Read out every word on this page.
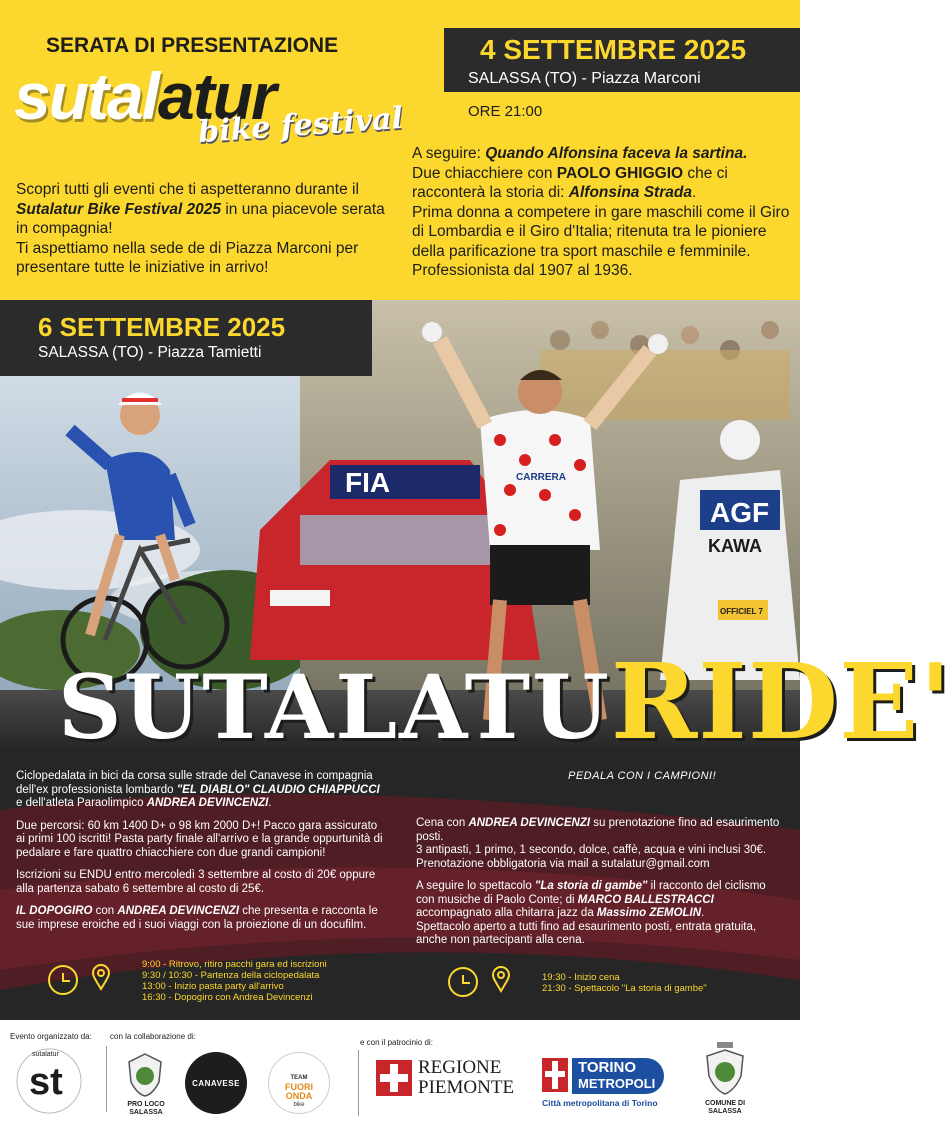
SERATA DI PRESENTAZIONE
sutalatur
bike festival
4 SETTEMBRE 2025
SALASSA (TO) - Piazza Marconi
ORE 21:00
Scopri tutti gli eventi che ti aspetteranno durante il Sutalatur Bike Festival 2025 in una piacevole serata in compagnia!
Ti aspettiamo nella sede de di Piazza Marconi per presentare tutte le iniziative in arrivo!
A seguire: Quando Alfonsina faceva la sartina.
Due chiacchiere con PAOLO GHIGGIO che ci racconterà la storia di: Alfonsina Strada.
Prima donna a competere in gare maschili come il Giro di Lombardia e il Giro d'Italia; ritenuta tra le pioniere della parificazione tra sport maschile e femminile. Professionista dal 1907 al 1936.
FIA	CARRERA
AGF
KAWA
OFFICIEL 7
6 SETTEMBRE 2025
SALASSA (TO) - Piazza Tamietti
SUTALATURIDE'
PEDALA CON I CAMPIONI!

Ciclopedalata in bici da corsa sulle strade del Canavese in compagnia dell'ex professionista lombardo "EL DIABLO" CLAUDIO CHIAPPUCCI e dell'atleta Paraolimpico ANDREA DEVINCENZI.

Due percorsi: 60 km 1400 D+ o 98 km 2000 D+! Pacco gara assicurato ai primi 100 iscritti! Pasta party finale all'arrivo e la grande oppurtunità di pedalare e fare quattro chiacchiere con due grandi campioni!

Iscrizioni su ENDU entro mercoledì 3 settembre al costo di 20€ oppure alla partenza sabato 6 settembre al costo di 25€.

IL DOPOGIRO con ANDREA DEVINCENZI che presenta e racconta le sue imprese eroiche ed i suoi viaggi con la proiezione di un docufilm.

Cena con ANDREA DEVINCENZI su prenotazione fino ad esaurimento posti.
3 antipasti, 1 primo, 1 secondo, dolce, caffè, acqua e vini inclusi 30€.
Prenotazione obbligatoria via mail a sutalatur@gmail.com

A seguire lo spettacolo "La storia di gambe" il racconto del ciclismo con musiche di Paolo Conte; di MARCO BALLESTRACCI accompagnato alla chitarra jazz da Massimo ZEMOLIN.
Spettacolo aperto a tutti fino ad esaurimento posti, entrata gratuita, anche non partecipanti alla cena.

9:00 - Ritrovo, ritiro pacchi gara ed iscrizioni
9:30 / 10:30 - Partenza della ciclopedalata
13:00 - Inizio pasta party all'arrivo
16:30 - Dopogiro con Andrea Devincenzi
19:30 - Inizio cena
21:30 - Spettacolo "La storia di gambe"
Evento organizzato da: con la collaborazione di:
e con il patrocinio di:
st
sutalatur
PRO LOCO
SALASSA
CANAVESE
TEAM
FUORI
ONDA
bike
REGIONE
PIEMONTE
TORINO
METROPOLI
Città metropolitana di Torino	COMUNE DI
SALASSA
